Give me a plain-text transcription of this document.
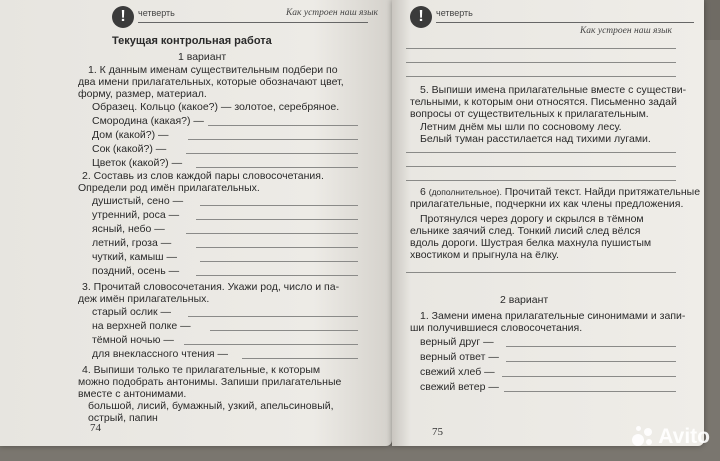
! четверть	Как устроен наш язык
Текущая контрольная работа
1 вариант
1. К данным именам существительным подбери по
два имени прилагательных, которые обозначают цвет,
форму, размер, материал.
Образец. Кольцо (какое?) — золотое, серебряное.
Смородина (какая?) —
Дом (какой?) —
Сок (какой?) —
Цветок (какой?) —
2. Составь из слов каждой пары словосочетания.
Определи род имён прилагательных.
душистый, сено —
утренний, роса —
ясный, небо —
летний, гроза —
чуткий, камыш —
поздний, осень —
3. Прочитай словосочетания. Укажи род, число и па-
деж имён прилагательных.
старый ослик —
на верхней полке —
тёмной ночью —
для внеклассного чтения —
4. Выпиши только те прилагательные, к которым
можно подобрать антонимы. Запиши прилагательные
вместе с антонимами.
большой, лисий, бумажный, узкий, апельсиновый,
острый, папин
74
! четверть
Как устроен наш язык
5. Выпиши имена прилагательные вместе с существи-
тельными, к которым они относятся. Письменно задай
вопросы от существительных к прилагательным.
Летним днём мы шли по сосновому лесу.
Белый туман расстилается над тихими лугами.
6 (дополнительное). Прочитай текст. Найди притяжательные
прилагательные, подчеркни их как члены предложения.
Протянулся через дорогу и скрылся в тёмном
ельнике заячий след. Тонкий лисий след вёлся
вдоль дороги. Шустрая белка махнула пушистым
хвостиком и прыгнула на ёлку.
2 вариант
1. Замени имена прилагательные синонимами и запи-
ши получившиеся словосочетания.
верный друг —
верный ответ —
свежий хлеб —
свежий ветер —
75	Avito
